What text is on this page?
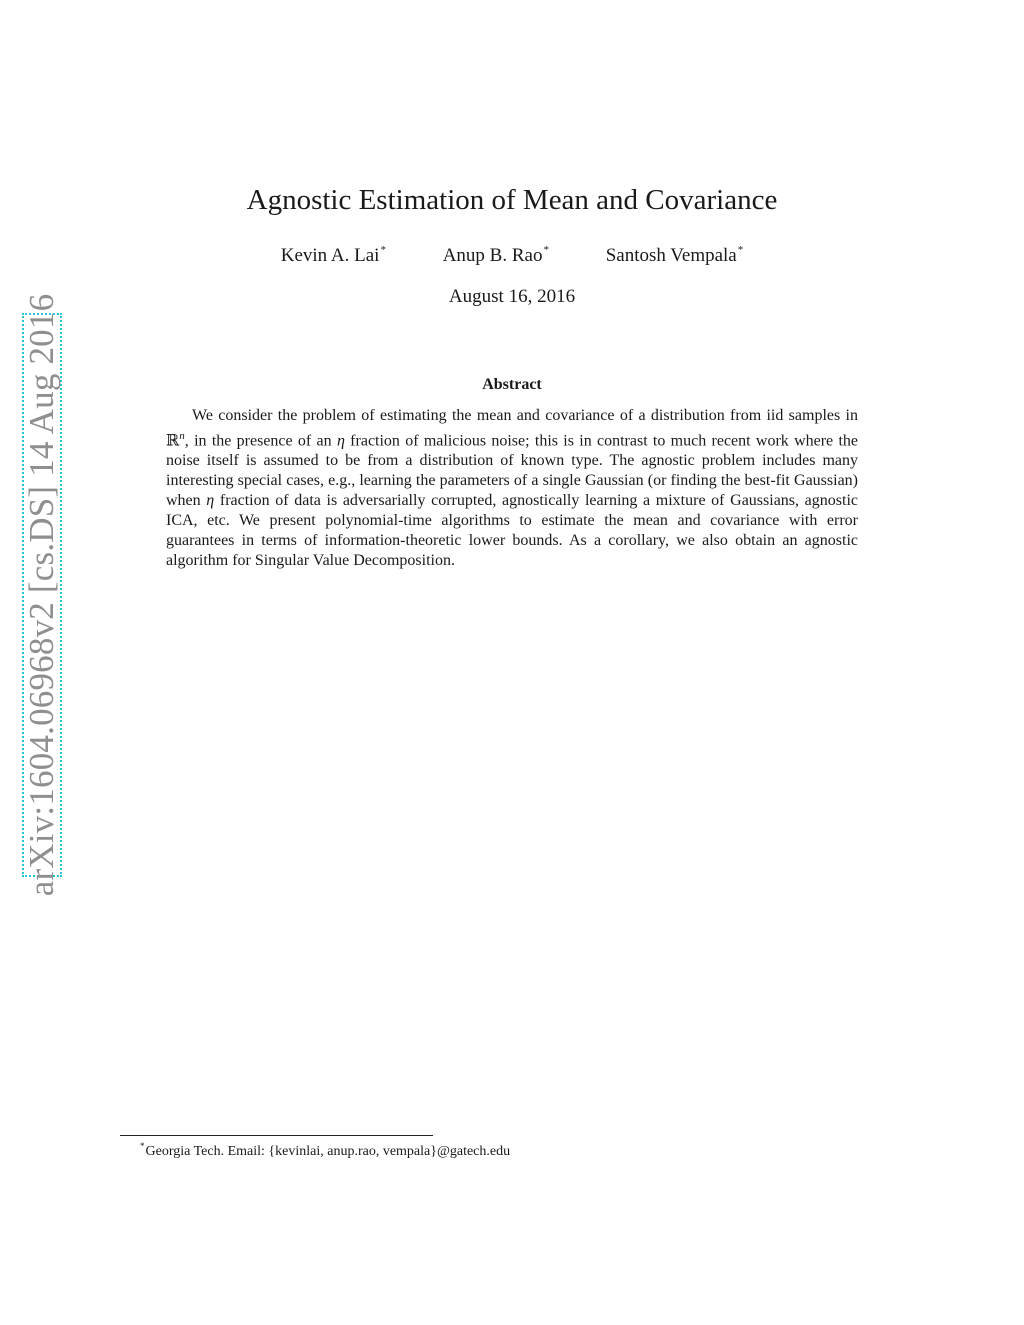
arXiv:1604.06968v2 [cs.DS] 14 Aug 2016
Agnostic Estimation of Mean and Covariance
Kevin A. Lai*	Anup B. Rao*	Santosh Vempala*
August 16, 2016
Abstract
We consider the problem of estimating the mean and covariance of a distribution from iid samples in ℝ$^n$, in the presence of an η fraction of malicious noise; this is in contrast to much recent work where the noise itself is assumed to be from a distribution of known type. The agnostic problem includes many interesting special cases, e.g., learning the parameters of a single Gaussian (or finding the best-fit Gaussian) when η fraction of data is adversarially corrupted, agnostically learning a mixture of Gaussians, agnostic ICA, etc. We present polynomial-time algorithms to estimate the mean and covariance with error guarantees in terms of information-theoretic lower bounds. As a corollary, we also obtain an agnostic algorithm for Singular Value Decomposition.
*Georgia Tech. Email: {kevinlai, anup.rao, vempala}@gatech.edu
